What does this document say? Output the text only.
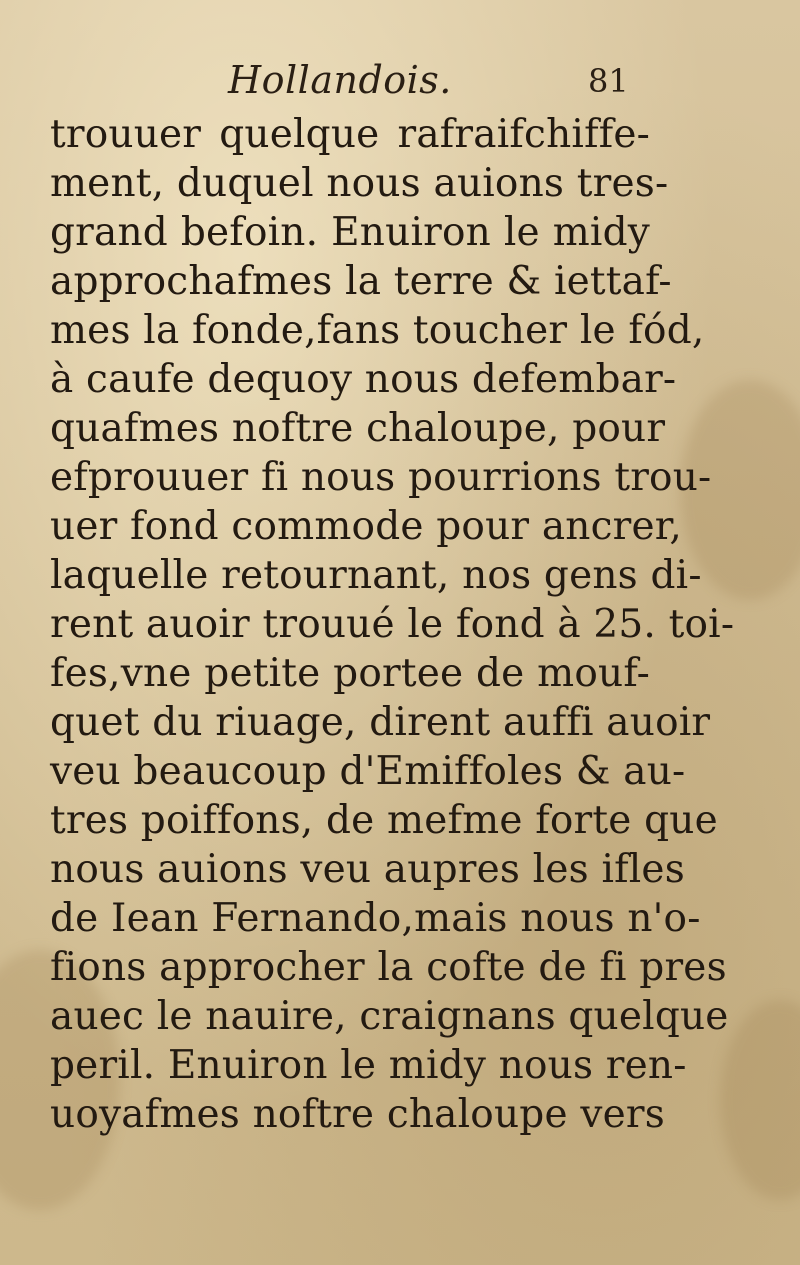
Hollandois.	81
trouuer quelque rafraifchiffe-
ment, duquel nous auions tres-
grand befoin. Enuiron le midy
approchafmes la terre & iettaf-
mes la fonde,fans toucher le fód,
à caufe dequoy nous defembar-
quafmes noftre chaloupe, pour
efprouuer fi nous pourrions trou-
uer fond commode pour ancrer,
laquelle retournant, nos gens di-
rent auoir trouué le fond à 25. toi-
fes,vne petite portee de mouf-
quet du riuage, dirent auffi auoir
veu beaucoup d'Emiffoles & au-
tres poiffons, de mefme forte que
nous auions veu aupres les ifles
de Iean Fernando,mais nous n'o-
fions approcher la cofte de fi pres
auec le nauire, craignans quelque
peril. Enuiron le midy nous ren-
uoyafmes noftre chaloupe vers
